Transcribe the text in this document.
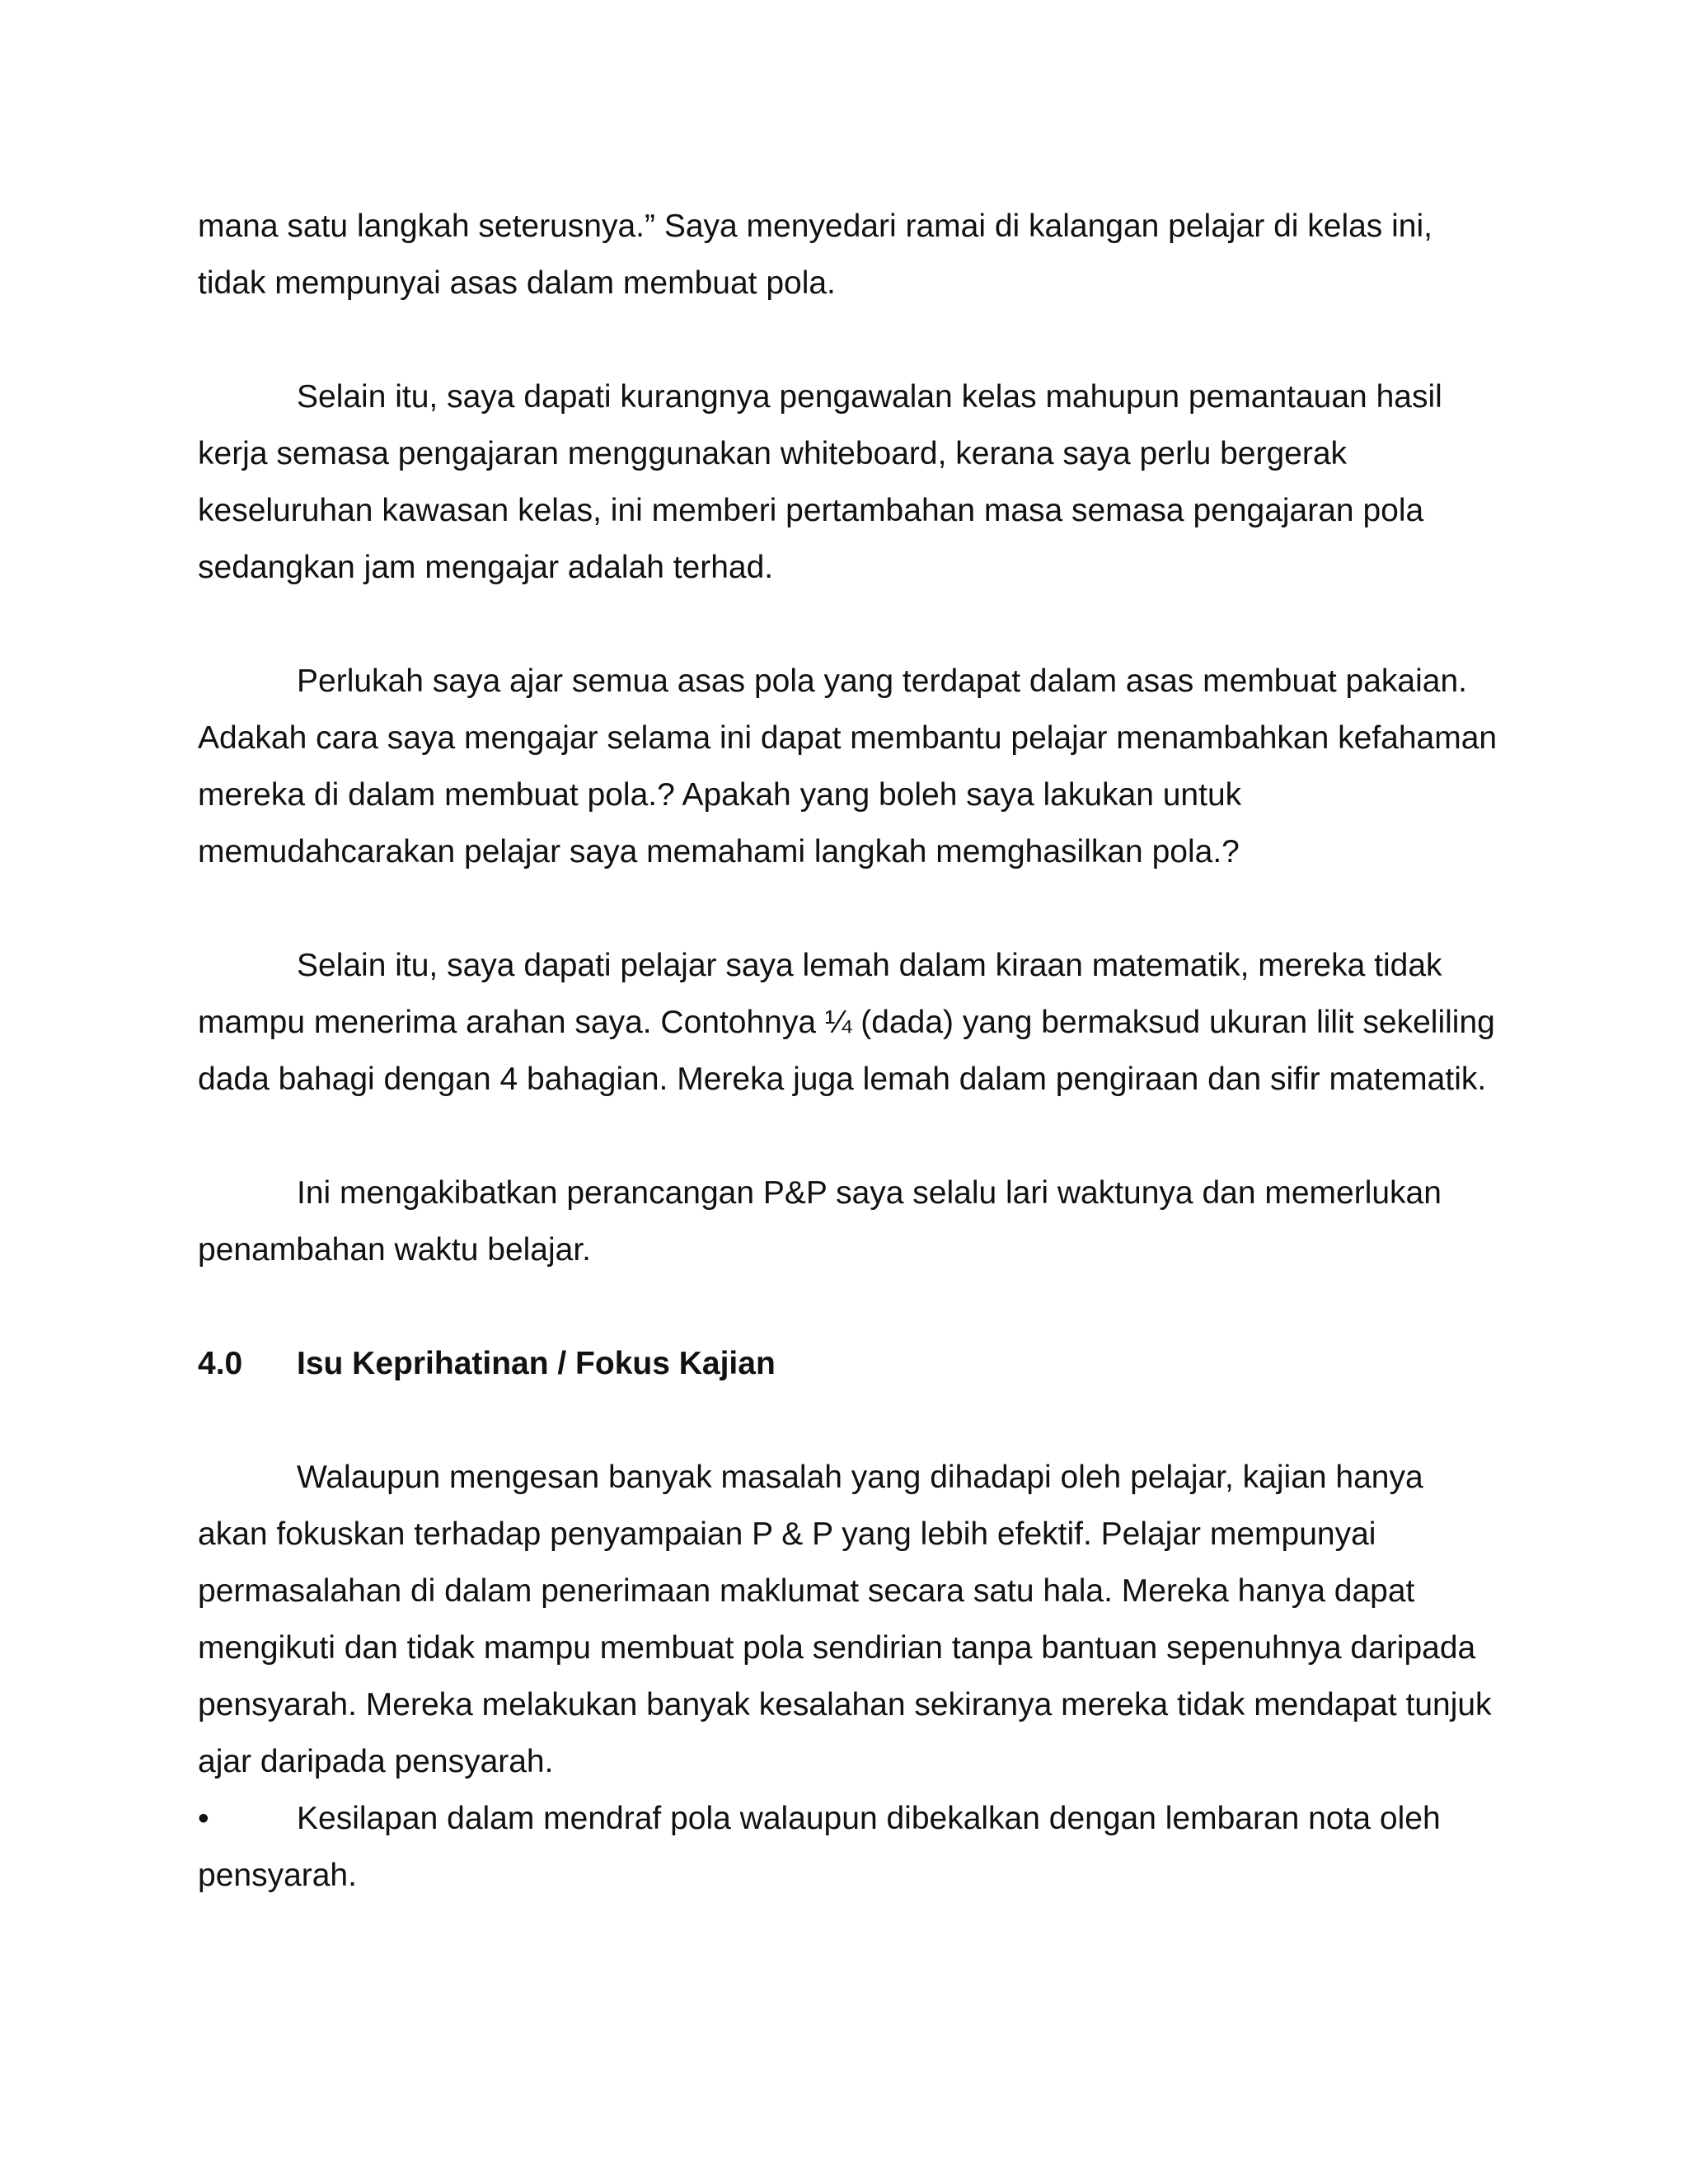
mana satu langkah seterusnya.” Saya menyedari ramai di kalangan pelajar di kelas ini, tidak mempunyai asas dalam membuat pola.

Selain itu, saya dapati kurangnya pengawalan kelas mahupun pemantauan hasil kerja semasa pengajaran menggunakan whiteboard, kerana saya perlu bergerak keseluruhan kawasan kelas, ini memberi pertambahan masa semasa pengajaran pola sedangkan jam mengajar adalah terhad.

Perlukah saya ajar semua asas pola yang terdapat dalam asas membuat pakaian. Adakah cara saya mengajar selama ini dapat membantu pelajar menambahkan kefahaman mereka di dalam membuat pola.? Apakah yang boleh saya lakukan untuk memudahcarakan pelajar saya memahami langkah memghasilkan pola.?

Selain itu, saya dapati pelajar saya lemah dalam kiraan matematik, mereka tidak mampu menerima arahan saya. Contohnya ¼ (dada) yang bermaksud ukuran lilit sekeliling dada bahagi dengan 4 bahagian. Mereka juga lemah dalam pengiraan dan sifir matematik.

Ini mengakibatkan perancangan P&P saya selalu lari waktunya dan memerlukan penambahan waktu belajar.

4.0	Isu Keprihatinan / Fokus Kajian

Walaupun mengesan banyak masalah yang dihadapi oleh pelajar, kajian hanya akan fokuskan terhadap penyampaian P & P yang lebih efektif. Pelajar mempunyai permasalahan di dalam penerimaan maklumat secara satu hala. Mereka hanya dapat mengikuti dan tidak mampu membuat pola sendirian tanpa bantuan sepenuhnya daripada pensyarah. Mereka melakukan banyak kesalahan sekiranya mereka tidak mendapat tunjuk ajar daripada pensyarah.

•	Kesilapan dalam mendraf pola walaupun dibekalkan dengan lembaran nota oleh pensyarah.
